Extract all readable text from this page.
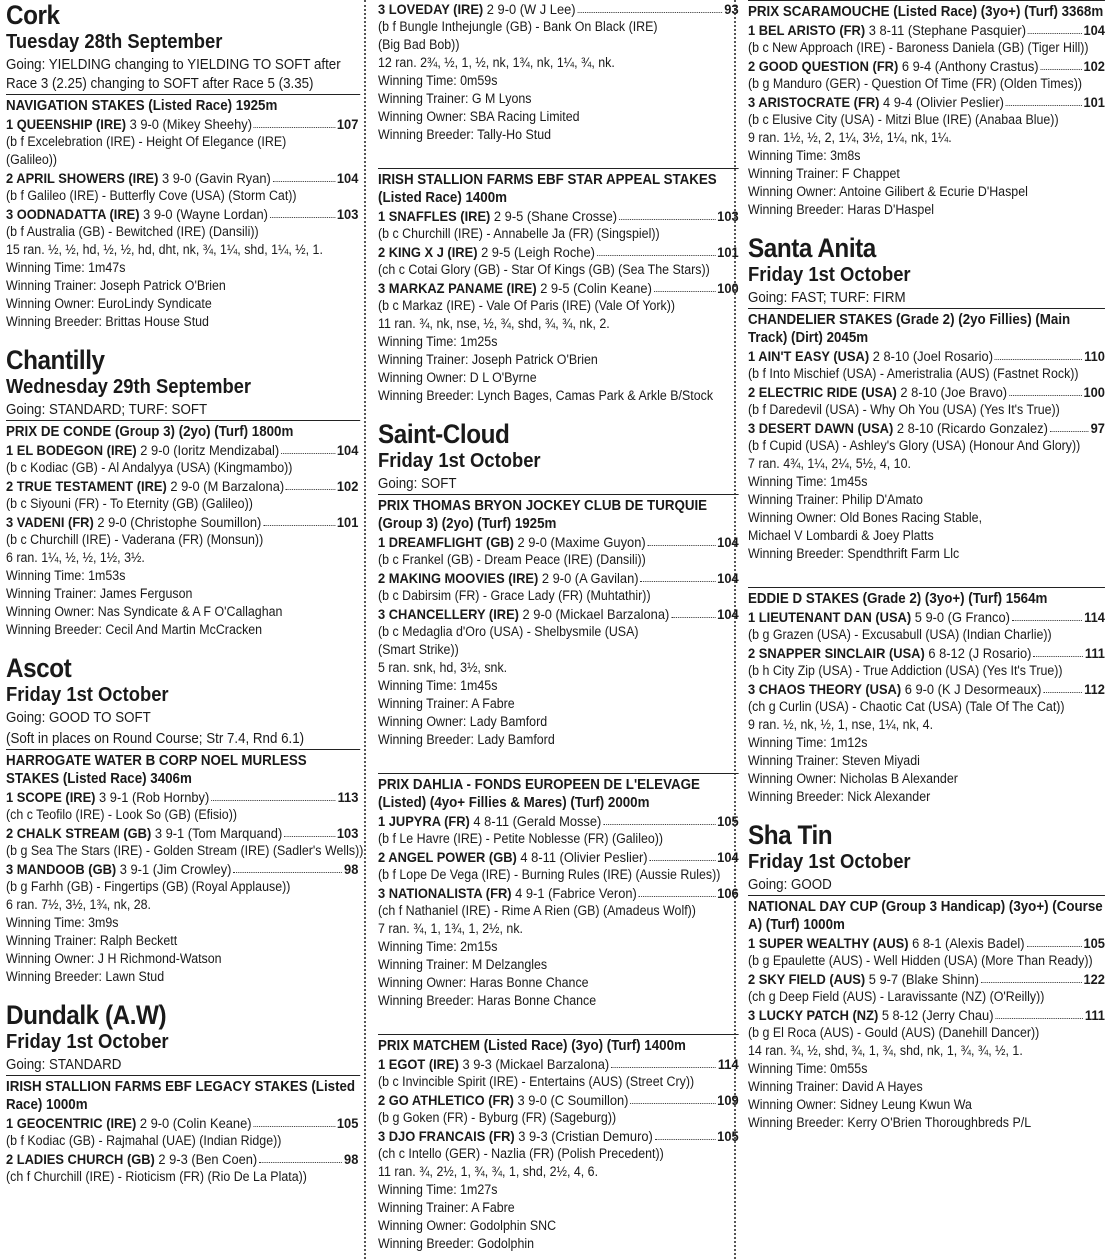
Cork
Tuesday 28th September
Going: YIELDING changing to YIELDING TO SOFT after Race 3 (2.25) changing to SOFT after Race 5 (3.35)
NAVIGATION STAKES (Listed Race) 1925m
1 QUEENSHIP (IRE) 3 9-0 (Mikey Sheehy)	107
(b f Excelebration (IRE) - Height Of Elegance (IRE)
(Galileo))
2 APRIL SHOWERS (IRE) 3 9-0 (Gavin Ryan)	104
(b f Galileo (IRE) - Butterfly Cove (USA) (Storm Cat))
3 OODNADATTA (IRE) 3 9-0 (Wayne Lordan)	103
(b f Australia (GB) - Bewitched (IRE) (Dansili))
15 ran. ½, ½, hd, ½, ½, hd, dht, nk, ¾, 1¼, shd, 1¼, ½, 1.
Winning Time: 1m47s
Winning Trainer: Joseph Patrick O'Brien
Winning Owner: EuroLindy Syndicate
Winning Breeder: Brittas House Stud
Chantilly
Wednesday 29th September
Going: STANDARD; TURF: SOFT
PRIX DE CONDE (Group 3) (2yo) (Turf) 1800m
1 EL BODEGON (IRE) 2 9-0 (Ioritz Mendizabal)	104
(b c Kodiac (GB) - Al Andalyya (USA) (Kingmambo))
2 TRUE TESTAMENT (IRE) 2 9-0 (M Barzalona)	102
(b c Siyouni (FR) - To Eternity (GB) (Galileo))
3 VADENI (FR) 2 9-0 (Christophe Soumillon)	101
(b c Churchill (IRE) - Vaderana (FR) (Monsun))
6 ran. 1¼, ½, ½, 1½, 3½.
Winning Time: 1m53s
Winning Trainer: James Ferguson
Winning Owner: Nas Syndicate & A F O'Callaghan
Winning Breeder: Cecil And Martin McCracken
Ascot
Friday 1st October
Going: GOOD TO SOFT
(Soft in places on Round Course; Str 7.4, Rnd 6.1)
HARROGATE WATER B CORP NOEL MURLESS STAKES (Listed Race) 3406m
1 SCOPE (IRE) 3 9-1 (Rob Hornby)	113
(ch c Teofilo (IRE) - Look So (GB) (Efisio))
2 CHALK STREAM (GB) 3 9-1 (Tom Marquand)	103
(b g Sea The Stars (IRE) - Golden Stream (IRE) (Sadler's Wells))
3 MANDOOB (GB) 3 9-1 (Jim Crowley)	98
(b g Farhh (GB) - Fingertips (GB) (Royal Applause))
6 ran. 7½, 3½, 1¾, nk, 28.
Winning Time: 3m9s
Winning Trainer: Ralph Beckett
Winning Owner: J H Richmond-Watson
Winning Breeder: Lawn Stud
Dundalk (A.W)
Friday 1st October
Going: STANDARD
IRISH STALLION FARMS EBF LEGACY STAKES (Listed Race) 1000m
1 GEOCENTRIC (IRE) 2 9-0 (Colin Keane)	105
(b f Kodiac (GB) - Rajmahal (UAE) (Indian Ridge))
2 LADIES CHURCH (GB) 2 9-3 (Ben Coen)	98
(ch f Churchill (IRE) - Rioticism (FR) (Rio De La Plata))
3 LOVEDAY (IRE) 2 9-0 (W J Lee)	93
(b f Bungle Inthejungle (GB) - Bank On Black (IRE)
(Big Bad Bob))
12 ran. 2¾, ½, 1, ½, nk, 1¾, nk, 1¼, ¾, nk.
Winning Time: 0m59s
Winning Trainer: G M Lyons
Winning Owner: SBA Racing Limited
Winning Breeder: Tally-Ho Stud
IRISH STALLION FARMS EBF STAR APPEAL STAKES (Listed Race) 1400m
1 SNAFFLES (IRE) 2 9-5 (Shane Crosse)	103
(b c Churchill (IRE) - Annabelle Ja (FR) (Singspiel))
2 KING X J (IRE) 2 9-5 (Leigh Roche)	101
(ch c Cotai Glory (GB) - Star Of Kings (GB) (Sea The Stars))
3 MARKAZ PANAME (IRE) 2 9-5 (Colin Keane)	100
(b c Markaz (IRE) - Vale Of Paris (IRE) (Vale Of York))
11 ran. ¾, nk, nse, ½, ¾, shd, ¾, ¾, nk, 2.
Winning Time: 1m25s
Winning Trainer: Joseph Patrick O'Brien
Winning Owner: D L O'Byrne
Winning Breeder: Lynch Bages, Camas Park & Arkle B/Stock
Saint-Cloud
Friday 1st October
Going: SOFT
PRIX THOMAS BRYON JOCKEY CLUB DE TURQUIE (Group 3) (2yo) (Turf) 1925m
1 DREAMFLIGHT (GB) 2 9-0 (Maxime Guyon)	104
(b c Frankel (GB) - Dream Peace (IRE) (Dansili))
2 MAKING MOOVIES (IRE) 2 9-0 (A Gavilan)	104
(b c Dabirsim (FR) - Grace Lady (FR) (Muhtathir))
3 CHANCELLERY (IRE) 2 9-0 (Mickael Barzalona)	104
(b c Medaglia d'Oro (USA) - Shelbysmile (USA)
(Smart Strike))
5 ran. snk, hd, 3½, snk.
Winning Time: 1m45s
Winning Trainer: A Fabre
Winning Owner: Lady Bamford
Winning Breeder: Lady Bamford
PRIX DAHLIA - FONDS EUROPEEN DE L'ELEVAGE (Listed) (4yo+ Fillies & Mares) (Turf) 2000m
1 JUPYRA (FR) 4 8-11 (Gerald Mosse)	105
(b f Le Havre (IRE) - Petite Noblesse (FR) (Galileo))
2 ANGEL POWER (GB) 4 8-11 (Olivier Peslier)	104
(b f Lope De Vega (IRE) - Burning Rules (IRE) (Aussie Rules))
3 NATIONALISTA (FR) 4 9-1 (Fabrice Veron)	106
(ch f Nathaniel (IRE) - Rime A Rien (GB) (Amadeus Wolf))
7 ran. ¾, 1, 1¾, 1, 2½, nk.
Winning Time: 2m15s
Winning Trainer: M Delzangles
Winning Owner: Haras Bonne Chance
Winning Breeder: Haras Bonne Chance
PRIX MATCHEM (Listed Race) (3yo) (Turf) 1400m
1 EGOT (IRE) 3 9-3 (Mickael Barzalona)	114
(b c Invincible Spirit (IRE) - Entertains (AUS) (Street Cry))
2 GO ATHLETICO (FR) 3 9-0 (C Soumillon)	109
(b g Goken (FR) - Byburg (FR) (Sageburg))
3 DJO FRANCAIS (FR) 3 9-3 (Cristian Demuro)	105
(ch c Intello (GER) - Nazlia (FR) (Polish Precedent))
11 ran. ¾, 2½, 1, ¾, ¾, 1, shd, 2½, 4, 6.
Winning Time: 1m27s
Winning Trainer: A Fabre
Winning Owner: Godolphin SNC
Winning Breeder: Godolphin
PRIX SCARAMOUCHE (Listed Race) (3yo+) (Turf) 3368m
1 BEL ARISTO (FR) 3 8-11 (Stephane Pasquier)	104
(b c New Approach (IRE) - Baroness Daniela (GB) (Tiger Hill))
2 GOOD QUESTION (FR) 6 9-4 (Anthony Crastus)	102
(b g Manduro (GER) - Question Of Time (FR) (Olden Times))
3 ARISTOCRATE (FR) 4 9-4 (Olivier Peslier)	101
(b c Elusive City (USA) - Mitzi Blue (IRE) (Anabaa Blue))
9 ran. 1½, ½, 2, 1¼, 3½, 1¼, nk, 1¼.
Winning Time: 3m8s
Winning Trainer: F Chappet
Winning Owner: Antoine Gilibert & Ecurie D'Haspel
Winning Breeder: Haras D'Haspel
Santa Anita
Friday 1st October
Going: FAST; TURF: FIRM
CHANDELIER STAKES (Grade 2) (2yo Fillies) (Main Track) (Dirt) 2045m
1 AIN'T EASY (USA) 2 8-10 (Joel Rosario)	110
(b f Into Mischief (USA) - Ameristralia (AUS) (Fastnet Rock))
2 ELECTRIC RIDE (USA) 2 8-10 (Joe Bravo)	100
(b f Daredevil (USA) - Why Oh You (USA) (Yes It's True))
3 DESERT DAWN (USA) 2 8-10 (Ricardo Gonzalez)	97
(b f Cupid (USA) - Ashley's Glory (USA) (Honour And Glory))
7 ran. 4¾, 1¼, 2¼, 5½, 4, 10.
Winning Time: 1m45s
Winning Trainer: Philip D'Amato
Winning Owner: Old Bones Racing Stable,
Michael V Lombardi & Joey Platts
Winning Breeder: Spendthrift Farm Llc
EDDIE D STAKES (Grade 2) (3yo+) (Turf) 1564m
1 LIEUTENANT DAN (USA) 5 9-0 (G Franco)	114
(b g Grazen (USA) - Excusabull (USA) (Indian Charlie))
2 SNAPPER SINCLAIR (USA) 6 8-12 (J Rosario)	111
(b h City Zip (USA) - True Addiction (USA) (Yes It's True))
3 CHAOS THEORY (USA) 6 9-0 (K J Desormeaux)	112
(ch g Curlin (USA) - Chaotic Cat (USA) (Tale Of The Cat))
9 ran. ½, nk, ½, 1, nse, 1¼, nk, 4.
Winning Time: 1m12s
Winning Trainer: Steven Miyadi
Winning Owner: Nicholas B Alexander
Winning Breeder: Nick Alexander
Sha Tin
Friday 1st October
Going: GOOD
NATIONAL DAY CUP (Group 3 Handicap) (3yo+) (Course A) (Turf) 1000m
1 SUPER WEALTHY (AUS) 6 8-1 (Alexis Badel)	105
(b g Epaulette (AUS) - Well Hidden (USA) (More Than Ready))
2 SKY FIELD (AUS) 5 9-7 (Blake Shinn)	122
(ch g Deep Field (AUS) - Laravissante (NZ) (O'Reilly))
3 LUCKY PATCH (NZ) 5 8-12 (Jerry Chau)	111
(b g El Roca (AUS) - Gould (AUS) (Danehill Dancer))
14 ran. ¾, ½, shd, ¾, 1, ¾, shd, nk, 1, ¾, ¾, ½, 1.
Winning Time: 0m55s
Winning Trainer: David A Hayes
Winning Owner: Sidney Leung Kwun Wa
Winning Breeder: Kerry O'Brien Thoroughbreds P/L
